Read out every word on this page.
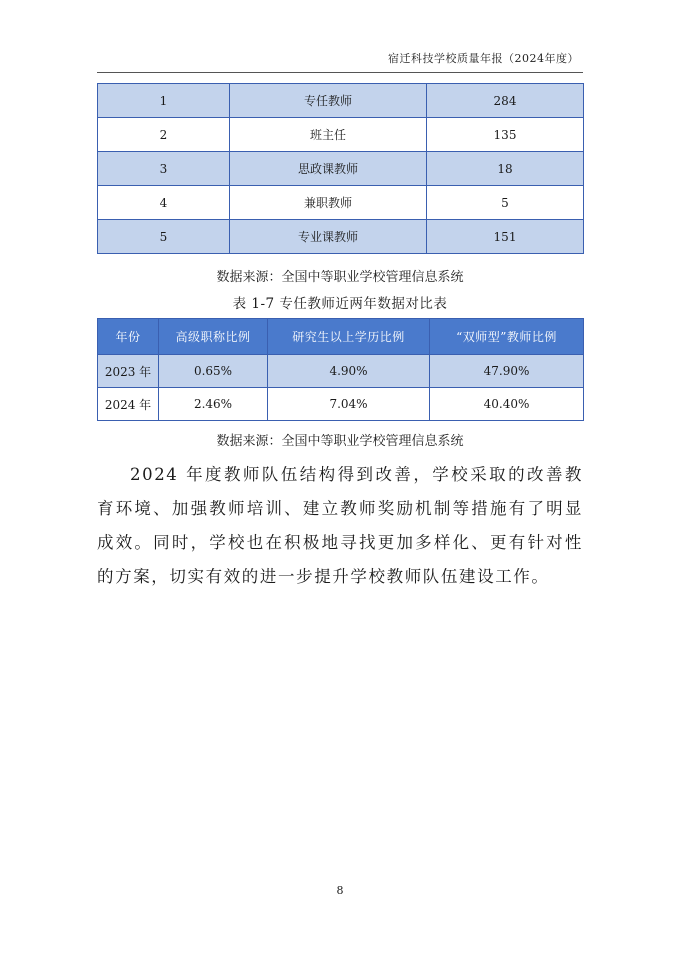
宿迁科技学校质量年报（2024年度）
1	专任教师	284
2	班主任	135
3	思政课教师	18
4	兼职教师	5
5	专业课教师	151
数据来源：全国中等职业学校管理信息系统
表 1-7 专任教师近两年数据对比表
年份	高级职称比例	研究生以上学历比例	“双师型”教师比例
2023 年	0.65%	4.90%	47.90%
2024 年	2.46%	7.04%	40.40%
数据来源：全国中等职业学校管理信息系统

2024 年度教师队伍结构得到改善，学校采取的改善教育环境、加强教师培训、建立教师奖励机制等措施有了明显成效。同时，学校也在积极地寻找更加多样化、更有针对性的方案，切实有效的进一步提升学校教师队伍建设工作。

8
